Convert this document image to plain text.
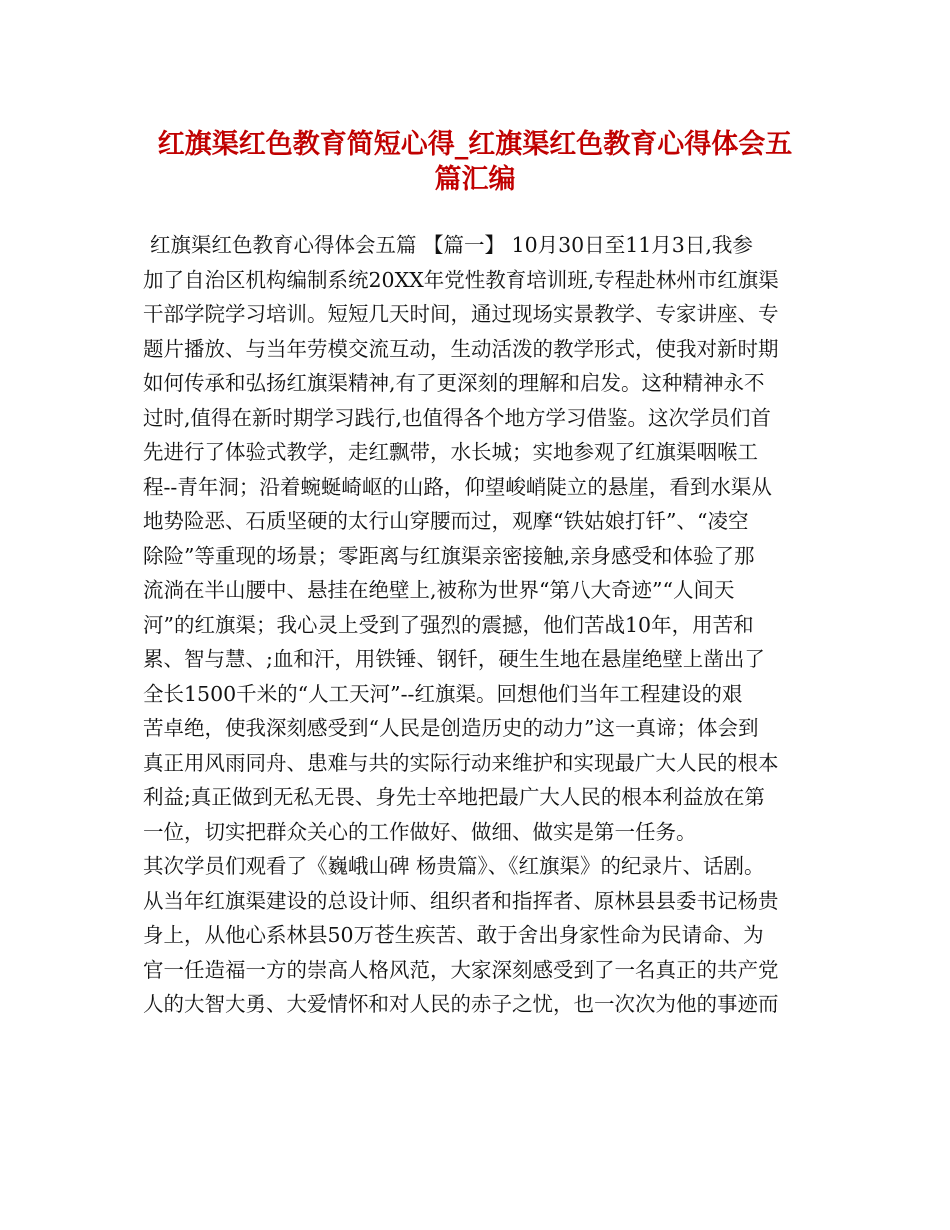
红旗渠红色教育简短心得_红旗渠红色教育心得体会五
篇汇编
红旗渠红色教育心得体会五篇 【篇一】 10月30日至11月3日,我参
加了自治区机构编制系统20XX年党性教育培训班,专程赴林州市红旗渠
干部学院学习培训。短短几天时间，通过现场实景教学、专家讲座、专
题片播放、与当年劳模交流互动，生动活泼的教学形式，使我对新时期
如何传承和弘扬红旗渠精神,有了更深刻的理解和启发。这种精神永不
过时,值得在新时期学习践行,也值得各个地方学习借鉴。这次学员们首
先进行了体验式教学，走红飘带，水长城；实地参观了红旗渠咽喉工
程--青年洞；沿着蜿蜒崎岖的山路，仰望峻峭陡立的悬崖，看到水渠从
地势险恶、石质坚硬的太行山穿腰而过，观摩“铁姑娘打钎”、“凌空
除险”等重现的场景；零距离与红旗渠亲密接触,亲身感受和体验了那
流淌在半山腰中、悬挂在绝壁上,被称为世界“第八大奇迹”“人间天
河”的红旗渠；我心灵上受到了强烈的震撼，他们苦战10年，用苦和
累、智与慧、;血和汗，用铁锤、钢钎，硬生生地在悬崖绝壁上凿出了
全长1500千米的“人工天河”--红旗渠。回想他们当年工程建设的艰
苦卓绝，使我深刻感受到“人民是创造历史的动力”这一真谛；体会到
真正用风雨同舟、患难与共的实际行动来维护和实现最广大人民的根本
利益;真正做到无私无畏、身先士卒地把最广大人民的根本利益放在第
一位，切实把群众关心的工作做好、做细、做实是第一任务。
其次学员们观看了《巍峨山碑 杨贵篇》、《红旗渠》的纪录片、话剧。
从当年红旗渠建设的总设计师、组织者和指挥者、原林县县委书记杨贵
身上，从他心系林县50万苍生疾苦、敢于舍出身家性命为民请命、为
官一任造福一方的崇高人格风范，大家深刻感受到了一名真正的共产党
人的大智大勇、大爱情怀和对人民的赤子之忧，也一次次为他的事迹而
